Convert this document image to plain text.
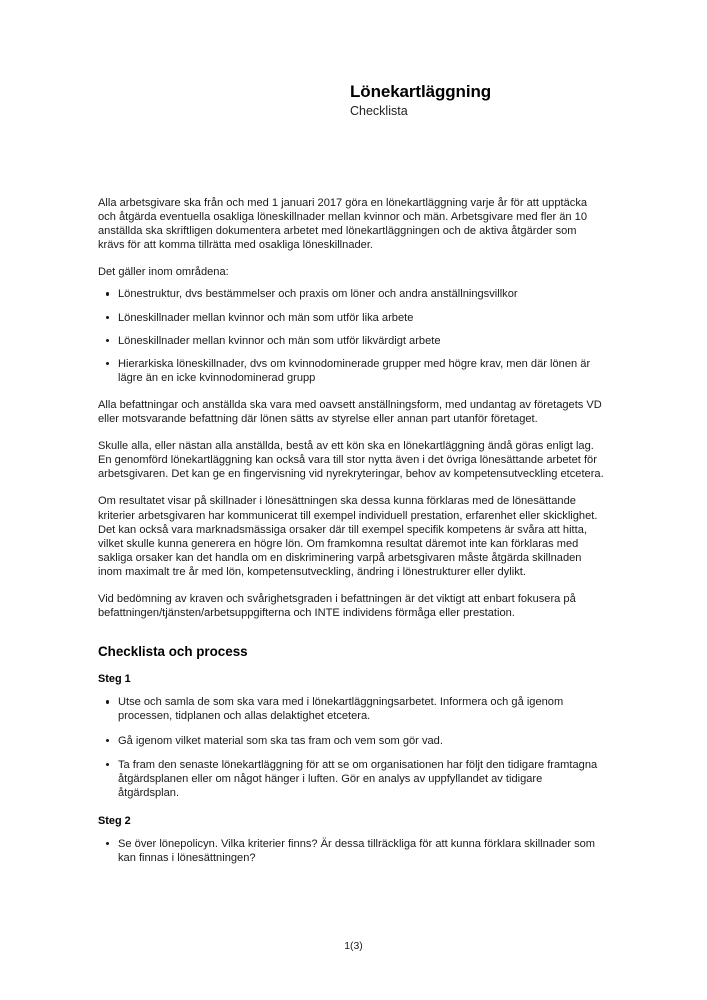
Lönekartläggning
Checklista

Alla arbetsgivare ska från och med 1 januari 2017 göra en lönekartläggning varje år för att upptäcka och åtgärda eventuella osakliga löneskillnader mellan kvinnor och män. Arbetsgivare med fler än 10 anställda ska skriftligen dokumentera arbetet med lönekartläggningen och de aktiva åtgärder som krävs för att komma tillrätta med osakliga löneskillnader.

Det gäller inom områdena:

Lönestruktur, dvs bestämmelser och praxis om löner och andra anställningsvillkor
Löneskillnader mellan kvinnor och män som utför lika arbete
Löneskillnader mellan kvinnor och män som utför likvärdigt arbete
Hierarkiska löneskillnader, dvs om kvinnodominerade grupper med högre krav, men där lönen är lägre än en icke kvinnodominerad grupp

Alla befattningar och anställda ska vara med oavsett anställningsform, med undantag av företagets VD eller motsvarande befattning där lönen sätts av styrelse eller annan part utanför företaget.

Skulle alla, eller nästan alla anställda, bestå av ett kön ska en lönekartläggning ändå göras enligt lag. En genomförd lönekartläggning kan också vara till stor nytta även i det övriga lönesättande arbetet för arbetsgivaren. Det kan ge en fingervisning vid nyrekryteringar, behov av kompetensutveckling etcetera.

Om resultatet visar på skillnader i lönesättningen ska dessa kunna förklaras med de lönesättande kriterier arbetsgivaren har kommunicerat till exempel individuell prestation, erfarenhet eller skicklighet. Det kan också vara marknadsmässiga orsaker där till exempel specifik kompetens är svåra att hitta, vilket skulle kunna generera en högre lön. Om framkomna resultat däremot inte kan förklaras med sakliga orsaker kan det handla om en diskriminering varpå arbetsgivaren måste åtgärda skillnaden inom maximalt tre år med lön, kompetensutveckling, ändring i lönestrukturer eller dylikt.

Vid bedömning av kraven och svårighetsgraden i befattningen är det viktigt att enbart fokusera på befattningen/tjänsten/arbetsuppgifterna och INTE individens förmåga eller prestation.

Checklista och process
Steg 1
Utse och samla de som ska vara med i lönekartläggningsarbetet. Informera och gå igenom processen, tidplanen och allas delaktighet etcetera.
Gå igenom vilket material som ska tas fram och vem som gör vad.
Ta fram den senaste lönekartläggning för att se om organisationen har följt den tidigare framtagna åtgärdsplanen eller om något hänger i luften. Gör en analys av uppfyllandet av tidigare åtgärdsplan.
Steg 2
Se över lönepolicyn. Vilka kriterier finns? Är dessa tillräckliga för att kunna förklara skillnader som kan finnas i lönesättningen?
1(3)
